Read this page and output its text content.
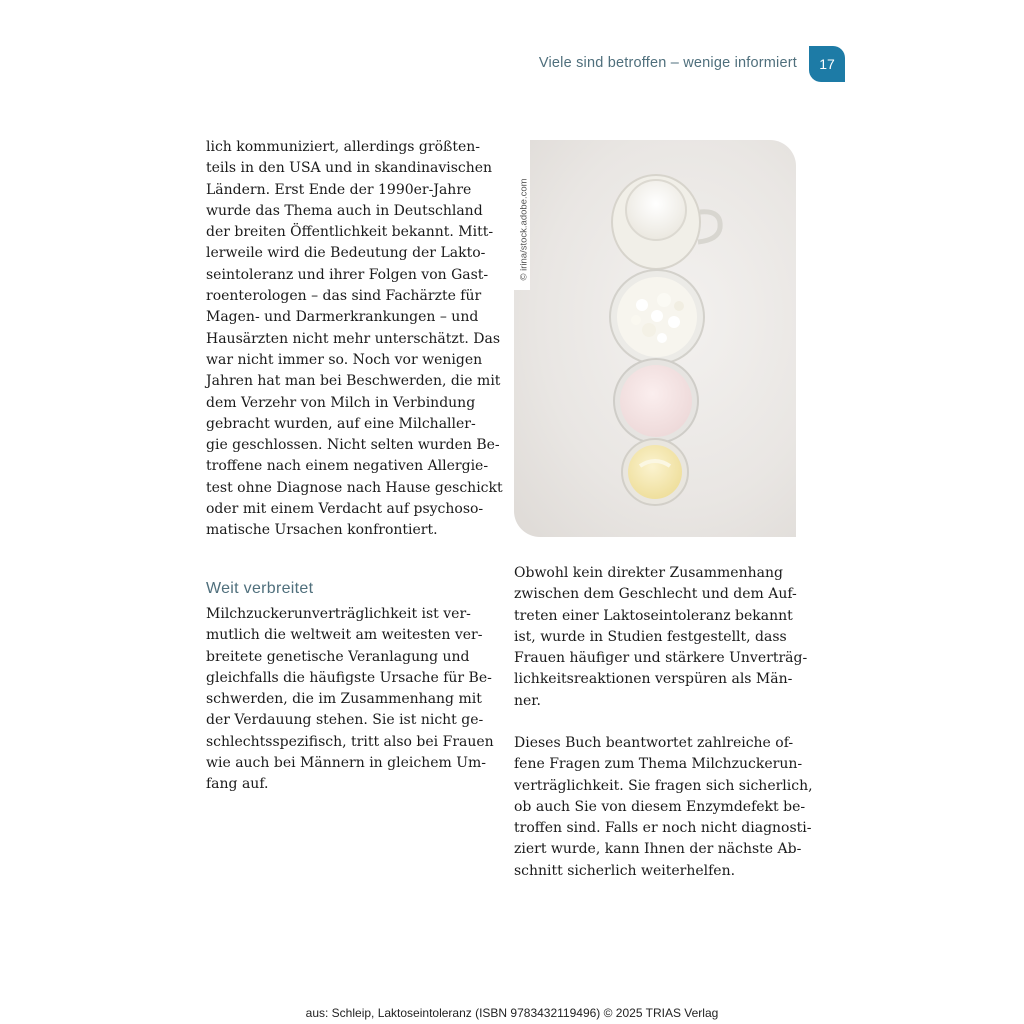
Viele sind betroffen – wenige informiert	17

lich kommuniziert, allerdings größten-
teils in den USA und in skandinavischen
Ländern. Erst Ende der 1990er-Jahre
wurde das Thema auch in Deutschland
der breiten Öffentlichkeit bekannt. Mitt-
lerweile wird die Bedeutung der Lakto-
seintoleranz und ihrer Folgen von Gast-
roenterologen – das sind Fachärzte für
Magen- und Darmerkrankungen – und
Hausärzten nicht mehr unterschätzt. Das
war nicht immer so. Noch vor wenigen
Jahren hat man bei Beschwerden, die mit
dem Verzehr von Milch in Verbindung
gebracht wurden, auf eine Milchaller-
gie geschlossen. Nicht selten wurden Be-
troffene nach einem negativen Allergie-
test ohne Diagnose nach Hause geschickt
oder mit einem Verdacht auf psychoso-
matische Ursachen konfrontiert.

Weit verbreitet

Milchzuckerunverträglichkeit ist ver-
mutlich die weltweit am weitesten ver-
breitete genetische Veranlagung und
gleichfalls die häufigste Ursache für Be-
schwerden, die im Zusammenhang mit
der Verdauung stehen. Sie ist nicht ge-
schlechtsspezifisch, tritt also bei Frauen
wie auch bei Männern in gleichem Um-
fang auf.

© irina/stock.adobe.com

Obwohl kein direkter Zusammenhang
zwischen dem Geschlecht und dem Auf-
treten einer Laktoseintoleranz bekannt
ist, wurde in Studien festgestellt, dass
Frauen häufiger und stärkere Unverträg-
lichkeitsreaktionen verspüren als Män-
ner.

Dieses Buch beantwortet zahlreiche of-
fene Fragen zum Thema Milchzuckerun-
verträglichkeit. Sie fragen sich sicherlich,
ob auch Sie von diesem Enzymdefekt be-
troffen sind. Falls er noch nicht diagnosti-
ziert wurde, kann Ihnen der nächste Ab-
schnitt sicherlich weiterhelfen.

aus: Schleip, Laktoseintoleranz (ISBN 9783432119496) © 2025 TRIAS Verlag
